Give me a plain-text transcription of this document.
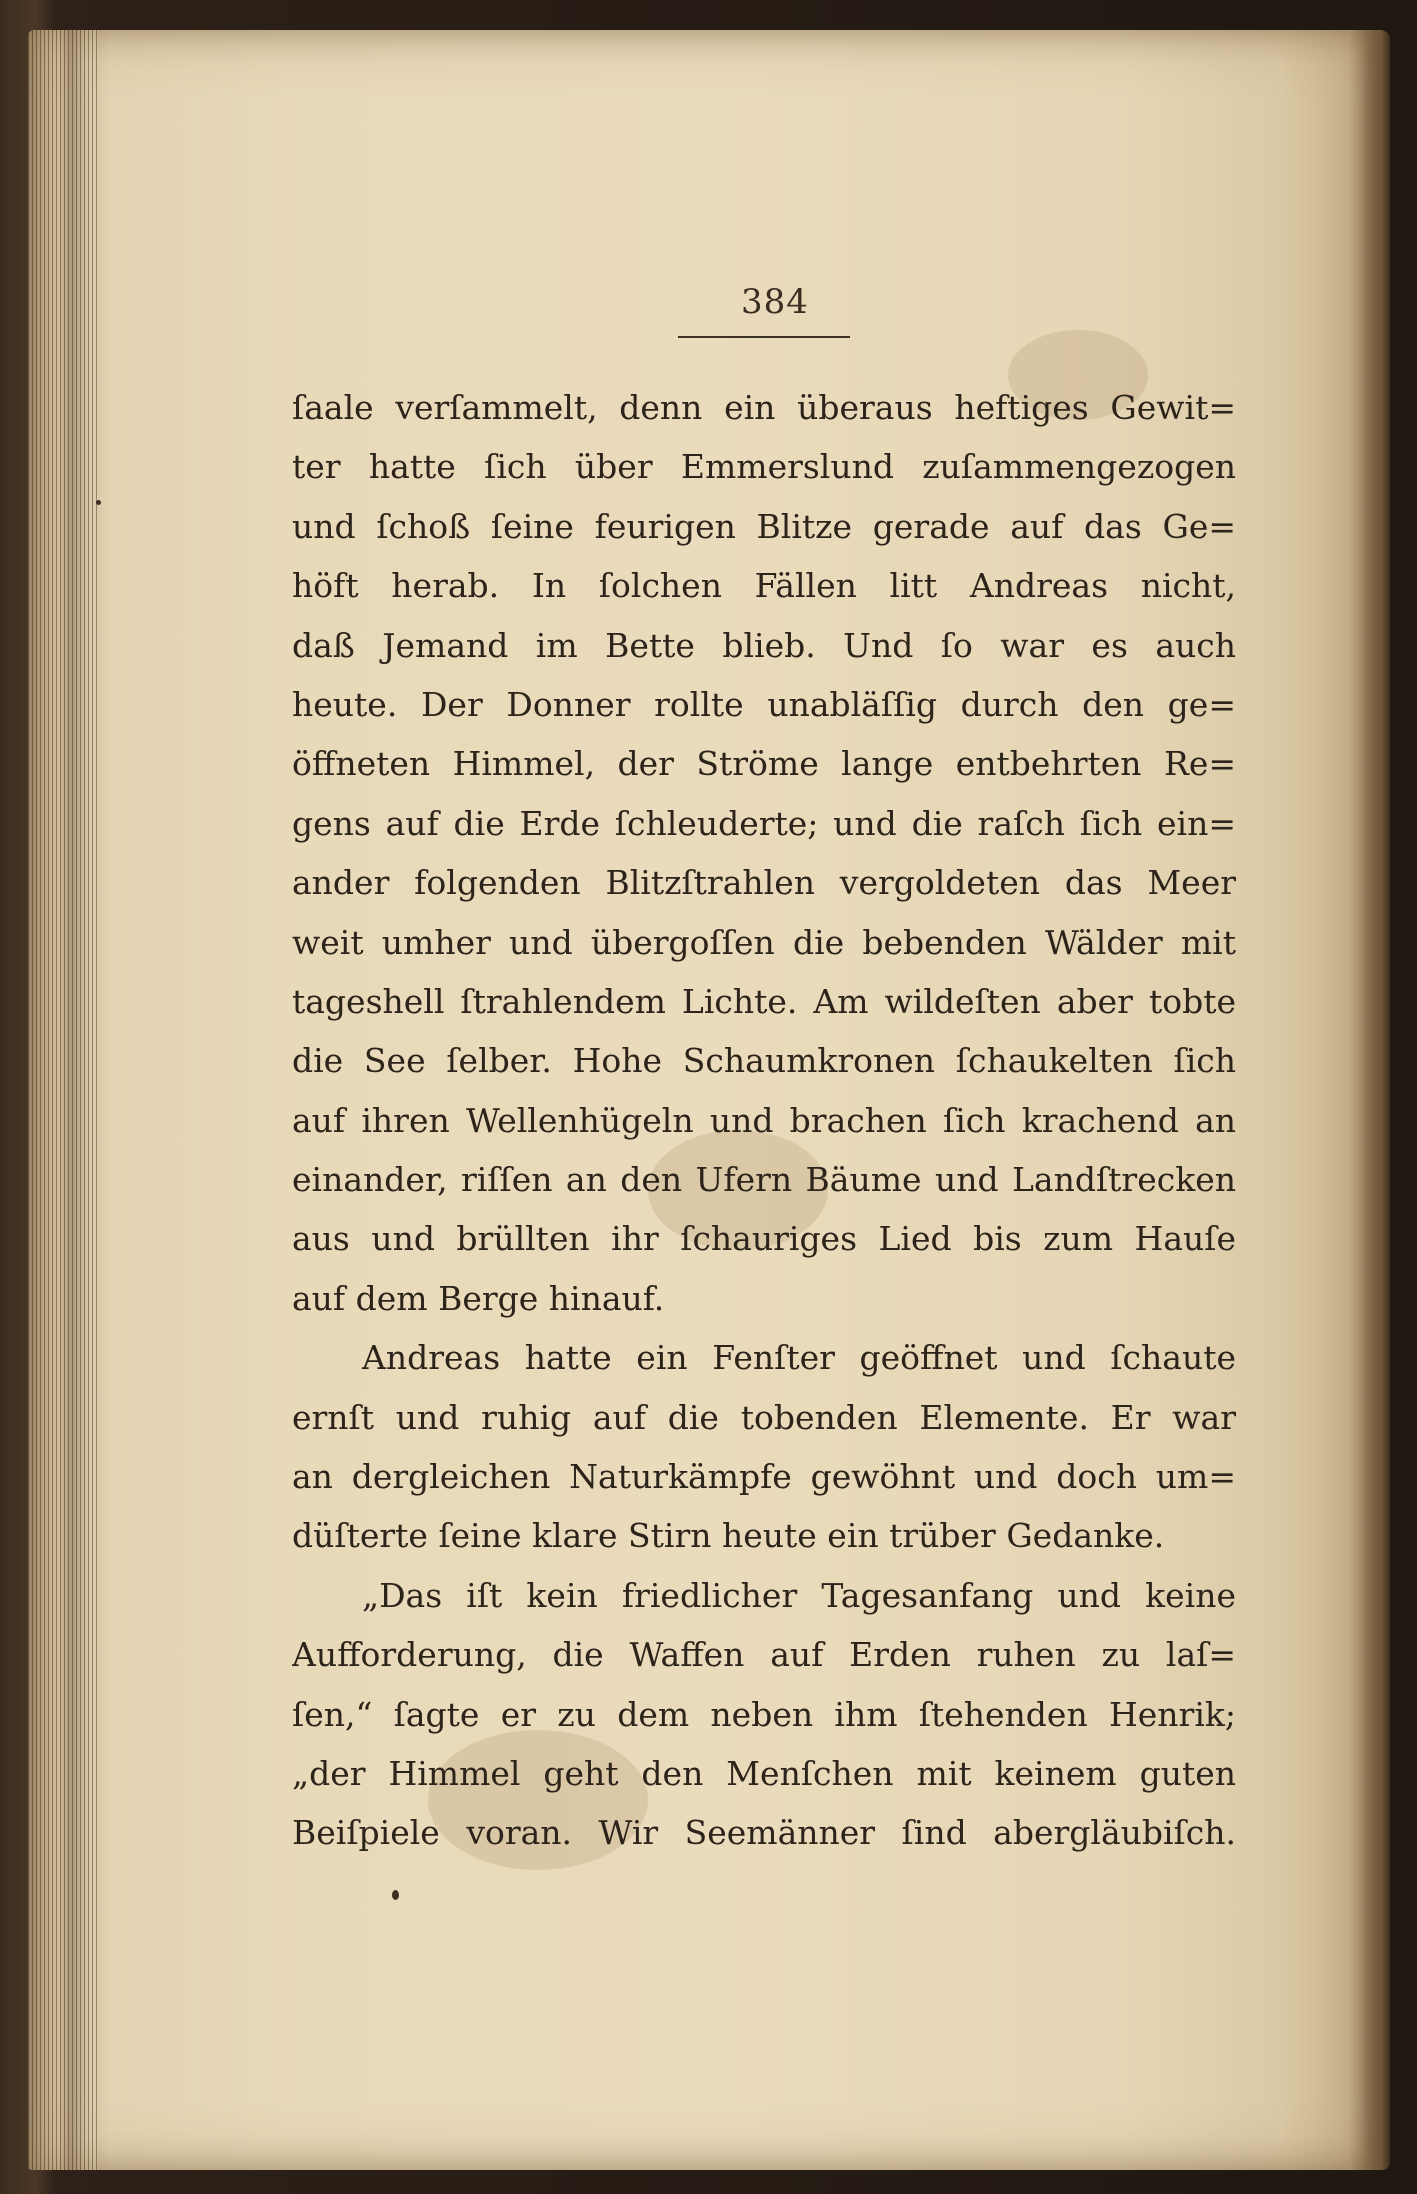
384
ſaale verſammelt, denn ein überaus heftiges Gewit=
ter hatte ſich über Emmerslund zuſammengezogen
und ſchoß ſeine feurigen Blitze gerade auf das Ge=
höft herab. In ſolchen Fällen litt Andreas nicht,
daß Jemand im Bette blieb. Und ſo war es auch
heute. Der Donner rollte unabläſſig durch den ge=
öffneten Himmel, der Ströme lange entbehrten Re=
gens auf die Erde ſchleuderte; und die raſch ſich ein=
ander folgenden Blitzſtrahlen vergoldeten das Meer
weit umher und übergoſſen die bebenden Wälder mit
tageshell ſtrahlendem Lichte. Am wildeſten aber tobte
die See ſelber. Hohe Schaumkronen ſchaukelten ſich
auf ihren Wellenhügeln und brachen ſich krachend an
einander, riſſen an den Ufern Bäume und Landſtrecken
aus und brüllten ihr ſchauriges Lied bis zum Hauſe
auf dem Berge hinauf.
Andreas hatte ein Fenſter geöffnet und ſchaute
ernſt und ruhig auf die tobenden Elemente. Er war
an dergleichen Naturkämpfe gewöhnt und doch um=
düſterte ſeine klare Stirn heute ein trüber Gedanke.
„Das iſt kein friedlicher Tagesanfang und keine
Aufforderung, die Waffen auf Erden ruhen zu laſ=
ſen,“ ſagte er zu dem neben ihm ſtehenden Henrik;
„der Himmel geht den Menſchen mit keinem guten
Beiſpiele voran. Wir Seemänner ſind abergläubiſch.
